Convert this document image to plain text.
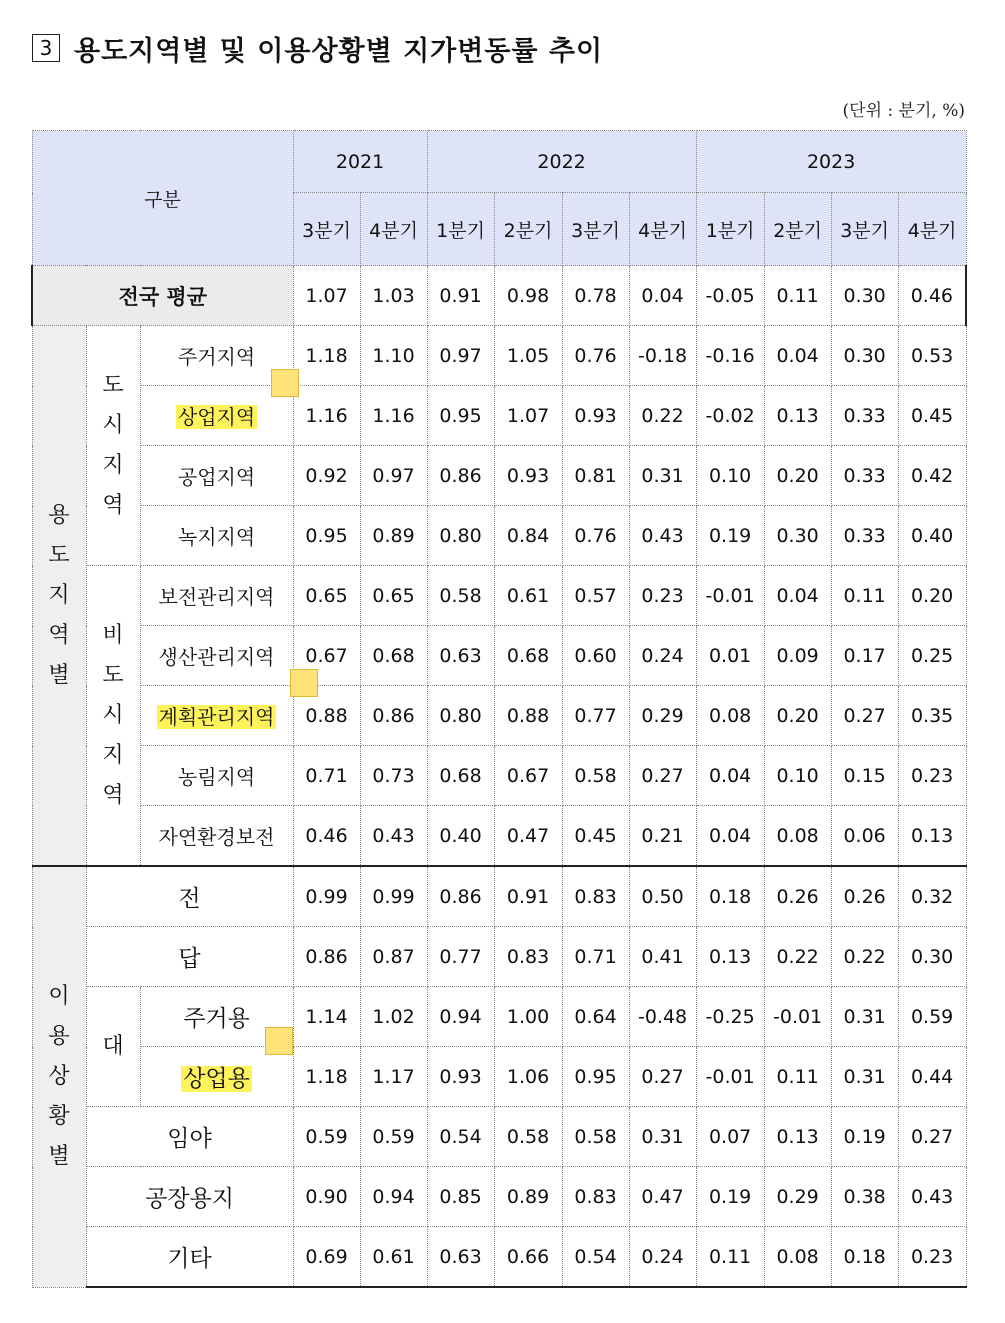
3 용도지역별 및 이용상황별 지가변동률 추이
(단위 : 분기, %)
구분			2021		2022				2023			
			3분기	4분기	1분기	2분기	3분기	4분기	1분기	2분기	3분기	4분기
전국 평균			1.07	1.03	0.91	0.98	0.78	0.04	-0.05	0.11	0.30	0.46
용도지역별	도시지역	주거지역	1.18	1.10	0.97	1.05	0.76	-0.18	-0.16	0.04	0.30	0.53
		상업지역	1.16	1.16	0.95	1.07	0.93	0.22	-0.02	0.13	0.33	0.45
		공업지역	0.92	0.97	0.86	0.93	0.81	0.31	0.10	0.20	0.33	0.42
		녹지지역	0.95	0.89	0.80	0.84	0.76	0.43	0.19	0.30	0.33	0.40
	비도시지역	보전관리지역	0.65	0.65	0.58	0.61	0.57	0.23	-0.01	0.04	0.11	0.20
		생산관리지역	0.67	0.68	0.63	0.68	0.60	0.24	0.01	0.09	0.17	0.25
		계획관리지역	0.88	0.86	0.80	0.88	0.77	0.29	0.08	0.20	0.27	0.35
		농림지역	0.71	0.73	0.68	0.67	0.58	0.27	0.04	0.10	0.15	0.23
		자연환경보전	0.46	0.43	0.40	0.47	0.45	0.21	0.04	0.08	0.06	0.13
이용상황별	전		0.99	0.99	0.86	0.91	0.83	0.50	0.18	0.26	0.26	0.32
	답		0.86	0.87	0.77	0.83	0.71	0.41	0.13	0.22	0.22	0.30
	대	주거용	1.14	1.02	0.94	1.00	0.64	-0.48	-0.25	-0.01	0.31	0.59
		상업용	1.18	1.17	0.93	1.06	0.95	0.27	-0.01	0.11	0.31	0.44
	임야		0.59	0.59	0.54	0.58	0.58	0.31	0.07	0.13	0.19	0.27
	공장용지		0.90	0.94	0.85	0.89	0.83	0.47	0.19	0.29	0.38	0.43
	기타		0.69	0.61	0.63	0.66	0.54	0.24	0.11	0.08	0.18	0.23
